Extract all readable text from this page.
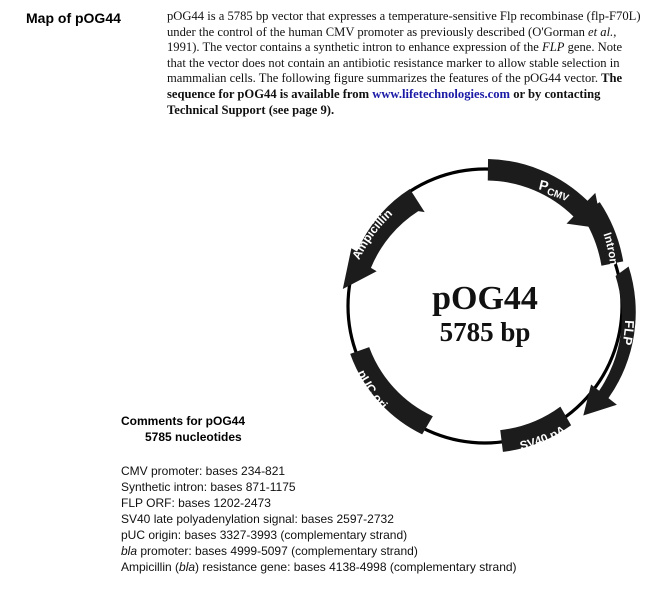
Map of pOG44	pOG44 is a 5785 bp vector that expresses a temperature-sensitive Flp recombinase (flp-F70L) under the control of the human CMV promoter as previously described (O'Gorman et al., 1991). The vector contains a synthetic intron to enhance expression of the FLP gene. Note that the vector does not contain an antibiotic resistance marker to allow stable selection in mammalian cells. The following figure summarizes the features of the pOG44 vector. The sequence for pOG44 is available from www.lifetechnologies.com or by contacting Technical Support (see page 9).
$P_{CMV}$
Intron
FLP
SV40 pA
pUC ori
Ampicillin
pOG44
5785 bp
Comments for pOG44
5785 nucleotides
CMV promoter: bases 234-821
Synthetic intron: bases 871-1175
FLP ORF: bases 1202-2473
SV40 late polyadenylation signal: bases 2597-2732
pUC origin: bases 3327-3993 (complementary strand)
bla promoter: bases 4999-5097 (complementary strand)
Ampicillin (bla) resistance gene: bases 4138-4998 (complementary strand)
